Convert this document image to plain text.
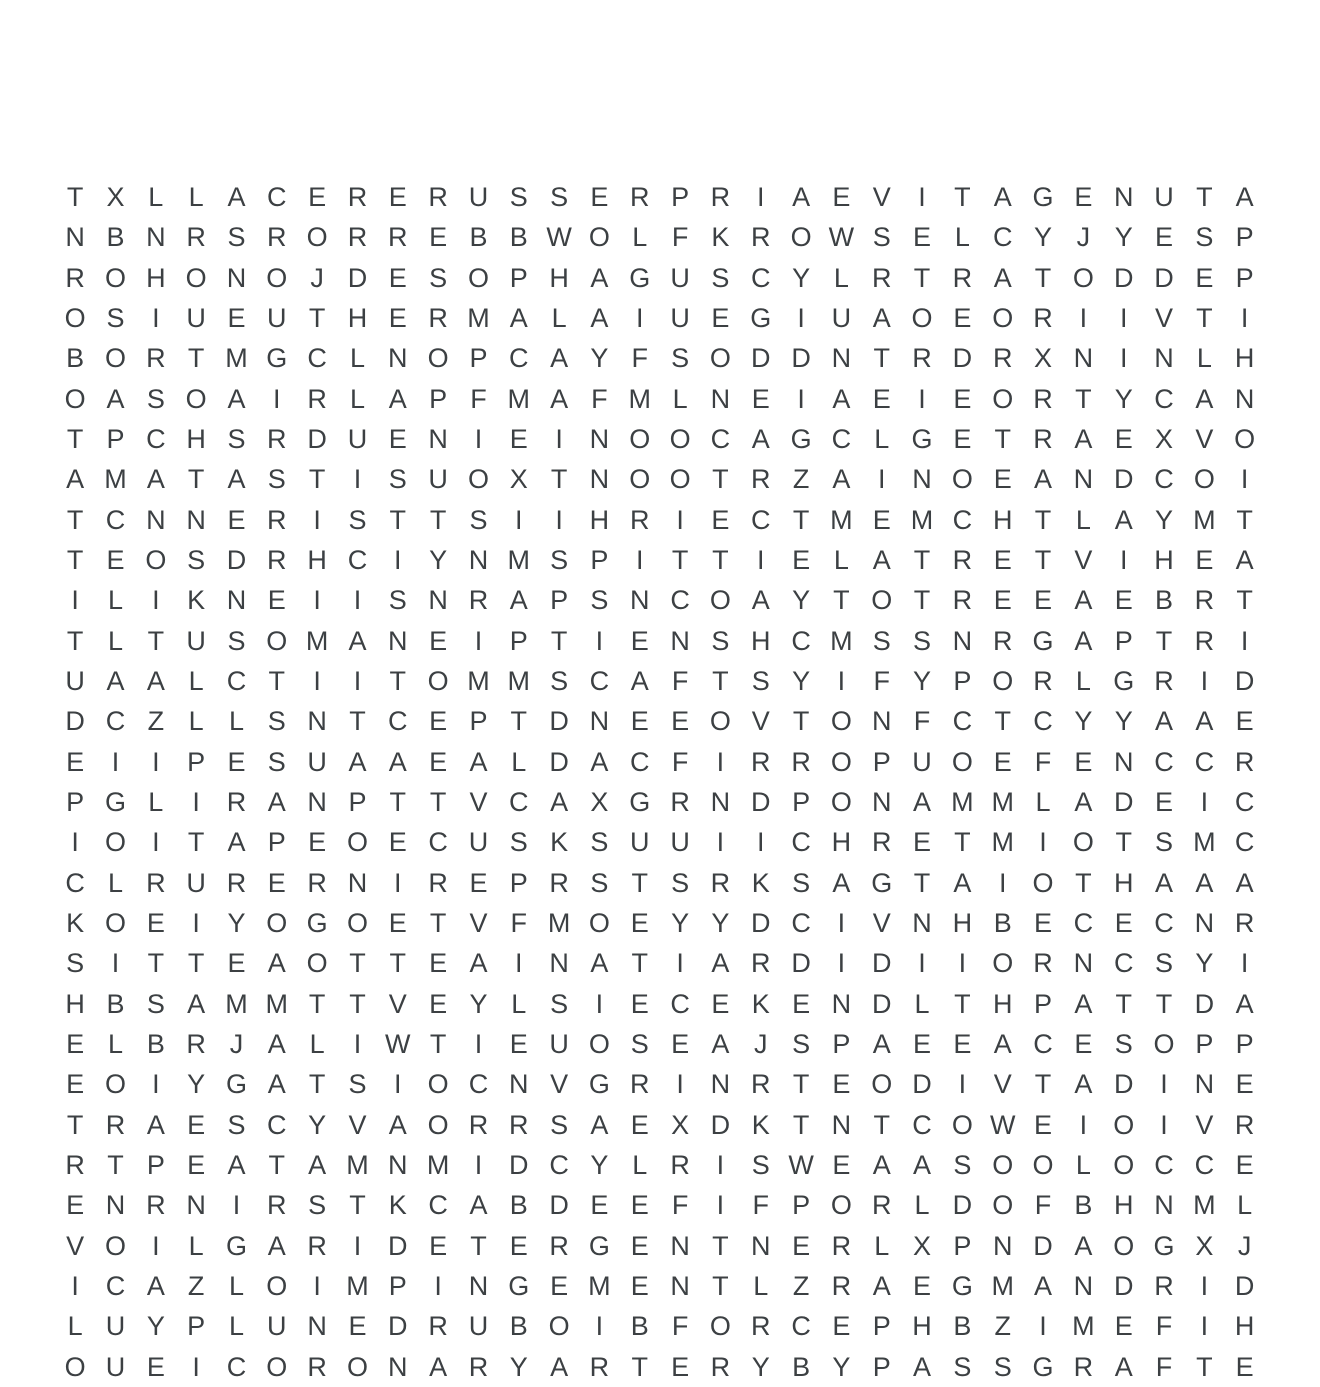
T X L L A C E R E R U S S E R P R I	A E V	I	T A G E N U T A
N B N R S R O R R E B B W O L F K R O W S E L C Y J Y E S P
R O H O N O J D E S O P H A G U S C Y L R T R A T O D D E P
O S	I U E U T H E R M A L A	I U E G I U A O E O R I	I	V T	I
B O R T M G C L N O P C A Y F S O D D N T R D R X N I N L H
O A S O A	I R L A P F M A F M L N E	I	A E	I	E O R T Y C A N
T P C H S R D U E N I	E	I N O O C A G C L G E T R A E X V O
A M A T A S T	I	S U O X T N O O T R Z A	I N O E A N D C O I
T C N N E R I	S T T S	I	I H R I	E C T M E M C H T L A Y M T
T E O S D R H C I	Y N M S P	I	T T	I	E L A T R E T V	I H E A
I	L	I	K N E	I	I	S N R A P S N C O A Y T O T R E E A E B R T
T L T U S O M A N E	I	P T	I	E N S H C M S S N R G A P T R I
U A A L C T	I	I	T O M M S C A F T S Y	I	F Y P O R L G R I D
D C Z L L S N T C E P T D N E E O V T O N F C T C Y Y A A E
E	I	I	P E S U A A E A L D A C F	I R R O P U O E F E N C C R
P G L	I R A N P T T V C A X G R N D P O N A M M L A D E	I C
I O I	T A P E O E C U S K S U U I	I C H R E T M I O T S M C
C L R U R E R N I R E P R S T S R K S A G T A	I O T H A A A
K O E	I	Y O G O E T V F M O E Y Y D C I	V N H B E C E C N R
S	I	T T E A O T T E A	I N A T	I	A R D I D I	I O R N C S Y	I
H B S A M M T T V E Y L S	I	E C E K E N D L T H P A T T D A
E L B R J A L	I W T	I	E U O S E A J S P A E E A C E S O P P
E O I	Y G A T S	I O C N V G R I N R T E O D I	V T A D I N E
T R A E S C Y V A O R R S A E X D K T N T C O W E	I O I	V R
R T P E A T A M N M I D C Y L R I	S W E A A S O O L O C C E
E N R N I R S T K C A B D E E F	I	F P O R L D O F B H N M L
V O I	L G A R I D E T E R G E N T N E R L X P N D A O G X J
I C A Z L O I M P	I N G E M E N T L Z R A E G M A N D R I D
L U Y P L U N E D R U B O I	B F O R C E P H B Z	I M E F	I H
O U E	I C O R O N A R Y A R T E R Y B Y P A S S G R A F T E
